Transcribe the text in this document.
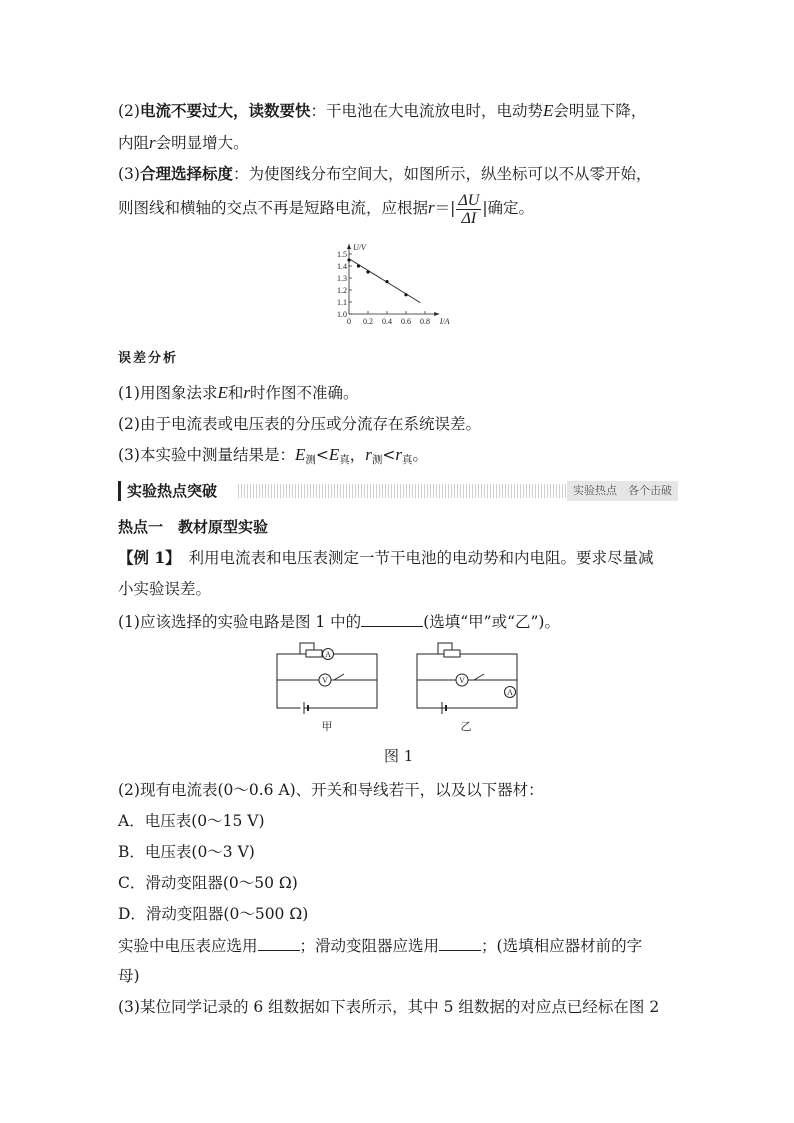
(2)电流不要过大，读数要快：干电池在大电流放电时，电动势E会明显下降，
内阻r会明显增大。
(3)合理选择标度：为使图线分布空间大，如图所示，纵坐标可以不从零开始，
则图线和横轴的交点不再是短路电流，应根据$r=| \frac{\Delta U}{\Delta I}$ |确定。
1.5
1.4
1.3
1.2
1.1
1.0
0 0.2 0.4 0.6 0.8
U/V
I/A
误差分析
(1)用图象法求E和r时作图不准确。
(2)由于电流表或电压表的分压或分流存在系统误差。
(3)本实验中测量结果是：$E_测<E_真$，$r_测<r_真$。
实验热点突破	实验热点　各个击破
热点一　教材原型实验
【例 1】　利用电流表和电压表测定一节干电池的电动势和内电阻。要求尽量减
小实验误差。
(1)应该选择的实验电路是图 1 中的	(选填“甲”或“乙”)。
A
V	V
A
甲	乙
图 1
(2)现有电流表(0～0.6 A)、开关和导线若干，以及以下器材：
A．电压表(0～15 V)
B．电压表(0～3 V)
C．滑动变阻器(0～50 Ω)
D．滑动变阻器(0～500 Ω)
实验中电压表应选用	；滑动变阻器应选用	；(选填相应器材前的字
母)
(3)某位同学记录的 6 组数据如下表所示，其中 5 组数据的对应点已经标在图 2
